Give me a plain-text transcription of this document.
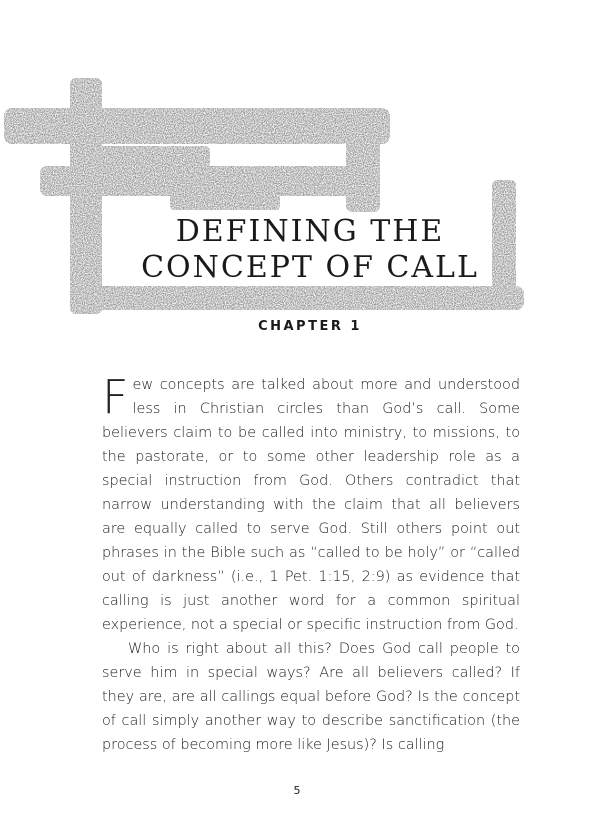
DEFINING THE
CONCEPT OF CALL
CHAPTER 1

Few concepts are talked about more and understood less in Christian circles than God’s call. Some believers claim to be called into ministry, to missions, to the pastorate, or to some other leadership role as a special instruction from God. Others contradict that narrow understanding with the claim that all believers are equally called to serve God. Still others point out phrases in the Bible such as “called to be holy” or “called out of darkness” (i.e., 1 Pet. 1:15, 2:9) as evidence that calling is just another word for a common spiritual experience, not a special or specific instruction from God.

Who is right about all this? Does God call people to serve him in special ways? Are all believers called? If they are, are all callings equal before God? Is the concept of call simply another way to describe sanctification (the process of becoming more like Jesus)? Is calling

5
